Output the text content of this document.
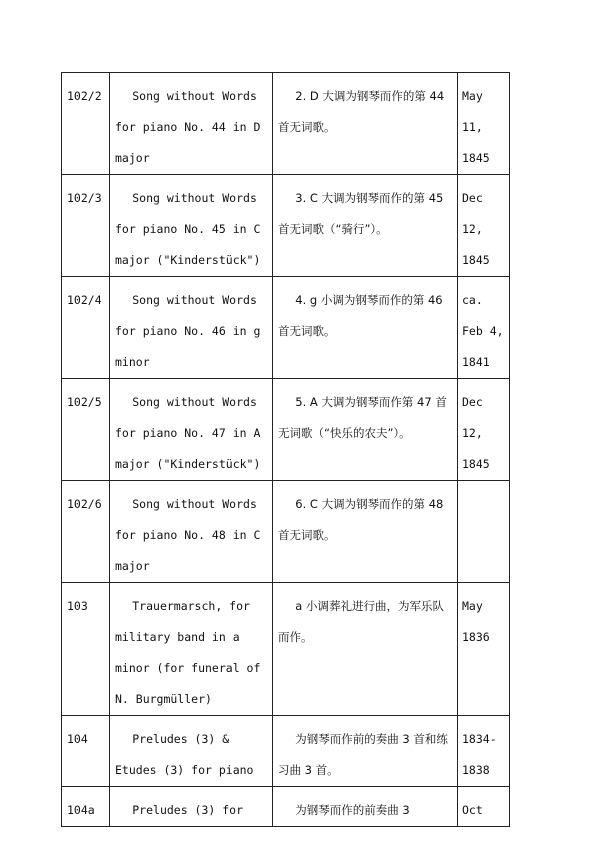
102/2	Song without Words for piano No. 44 in D major	2. D 大调为钢琴而作的第 44 首无词歌。	May 11, 1845
102/3	Song without Words for piano No. 45 in C major ("Kinderstück")	3. C 大调为钢琴而作的第 45 首无词歌（“骑行”）。	Dec 12, 1845
102/4	Song without Words for piano No. 46 in g minor	4. g 小调为钢琴而作的第 46 首无词歌。	ca. Feb 4, 1841
102/5	Song without Words for piano No. 47 in A major ("Kinderstück")	5. A 大调为钢琴而作第 47 首无词歌（“快乐的农夫”）。	Dec 12, 1845
102/6	Song without Words for piano No. 48 in C major	6. C 大调为钢琴而作的第 48 首无词歌。	
103	Trauermarsch, for military band in a minor (for funeral of N. Burgmüller)	a 小调葬礼进行曲，为军乐队而作。	May 1836
104	Preludes (3) & Etudes (3) for piano	为钢琴而作前的奏曲 3 首和练习曲 3 首。	1834-1838
104a	Preludes (3) for	为钢琴而作的前奏曲 3	Oct
